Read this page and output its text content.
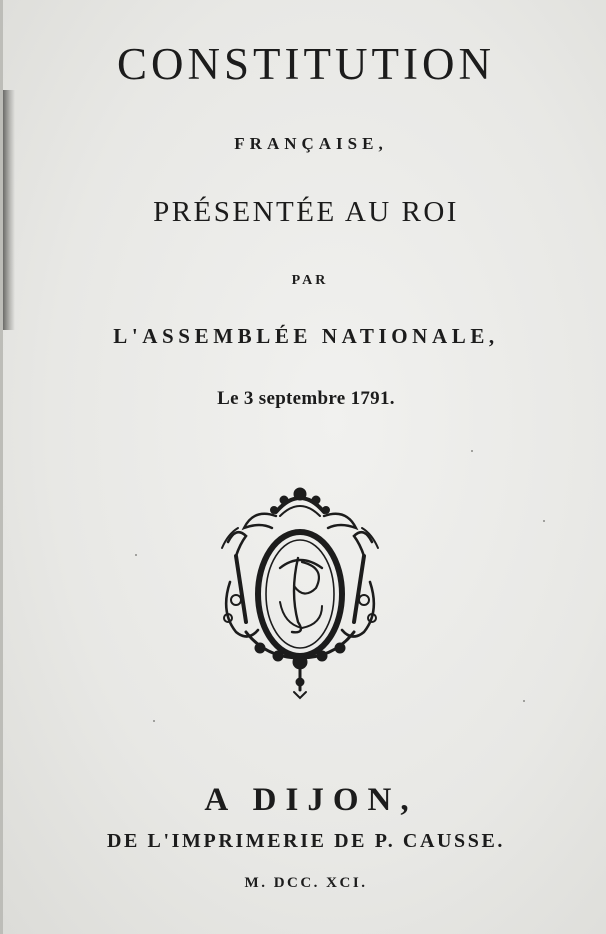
CONSTITUTION
FRANÇAISE,
PRÉSENTÉE AU ROI
PAR
L'ASSEMBLÉE NATIONALE,
Le 3 septembre 1791.
A DIJON,
DE L'IMPRIMERIE DE P. CAUSSE.
M. DCC. XCI.
